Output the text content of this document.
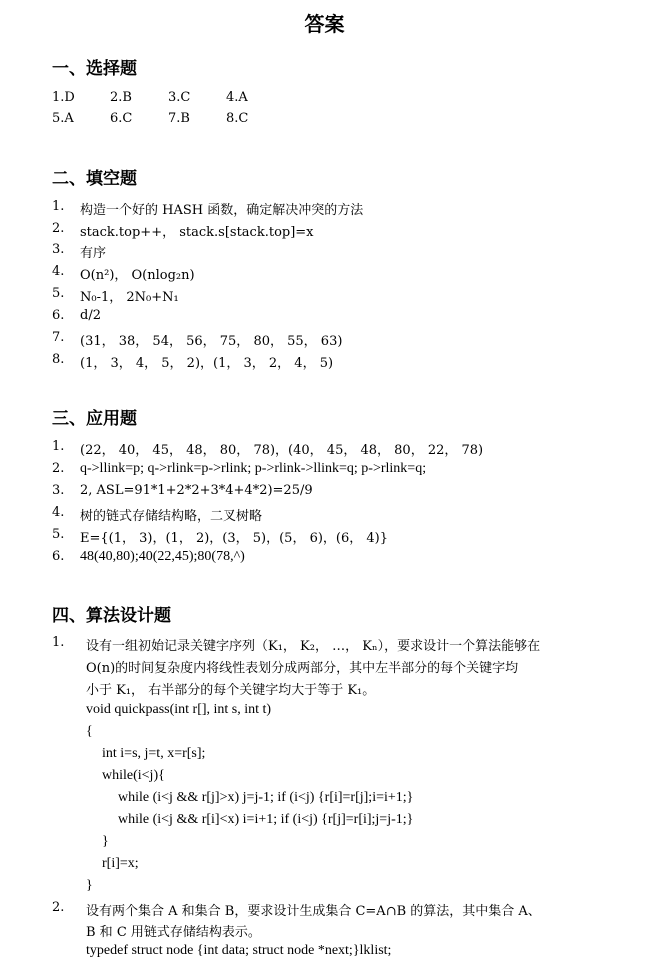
答案
一、选择题
1.D	2.B	3.C	4.A
5.A	6.C	7.B	8.C
二、填空题
1. 构造一个好的 HASH 函数，确定解决冲突的方法
2. stack.top++， stack.s[stack.top]=x
3. 有序
4. O(n²)， O(nlog₂n)
5. N₀-1， 2N₀+N₁
6. d/2
7. (31， 38， 54， 56， 75， 80， 55， 63)
8. (1， 3， 4， 5， 2)，(1， 3， 2， 4， 5)
三、应用题
1. (22， 40， 45， 48， 80， 78)，(40， 45， 48， 80， 22， 78)
2. q->llink=p; q->rlink=p->rlink; p->rlink->llink=q; p->rlink=q;
3. 2, ASL=91*1+2*2+3*4+4*2)=25/9
4. 树的链式存储结构略，二叉树略
5. E={(1， 3)，(1， 2)，(3， 5)，(5， 6)，(6， 4)}
6. 48(40,80);40(22,45);80(78,^)
四、算法设计题
1. 设有一组初始记录关键字序列（K₁， K₂， …， Kₙ），要求设计一个算法能够在
O(n)的时间复杂度内将线性表划分成两部分，其中左半部分的每个关键字均
小于 K₁， 右半部分的每个关键字均大于等于 K₁。
void quickpass(int r[], int s, int t)
{
int i=s, j=t, x=r[s];
while(i<j){
while (i<j && r[j]>x) j=j-1; if (i<j) {r[i]=r[j];i=i+1;}
while (i<j && r[i]<x) i=i+1; if (i<j) {r[j]=r[i];j=j-1;}
}
r[i]=x;
}
2. 设有两个集合 A 和集合 B，要求设计生成集合 C=A∩B 的算法，其中集合 A、
B 和 C 用链式存储结构表示。
typedef struct node {int data; struct node *next;}lklist;
